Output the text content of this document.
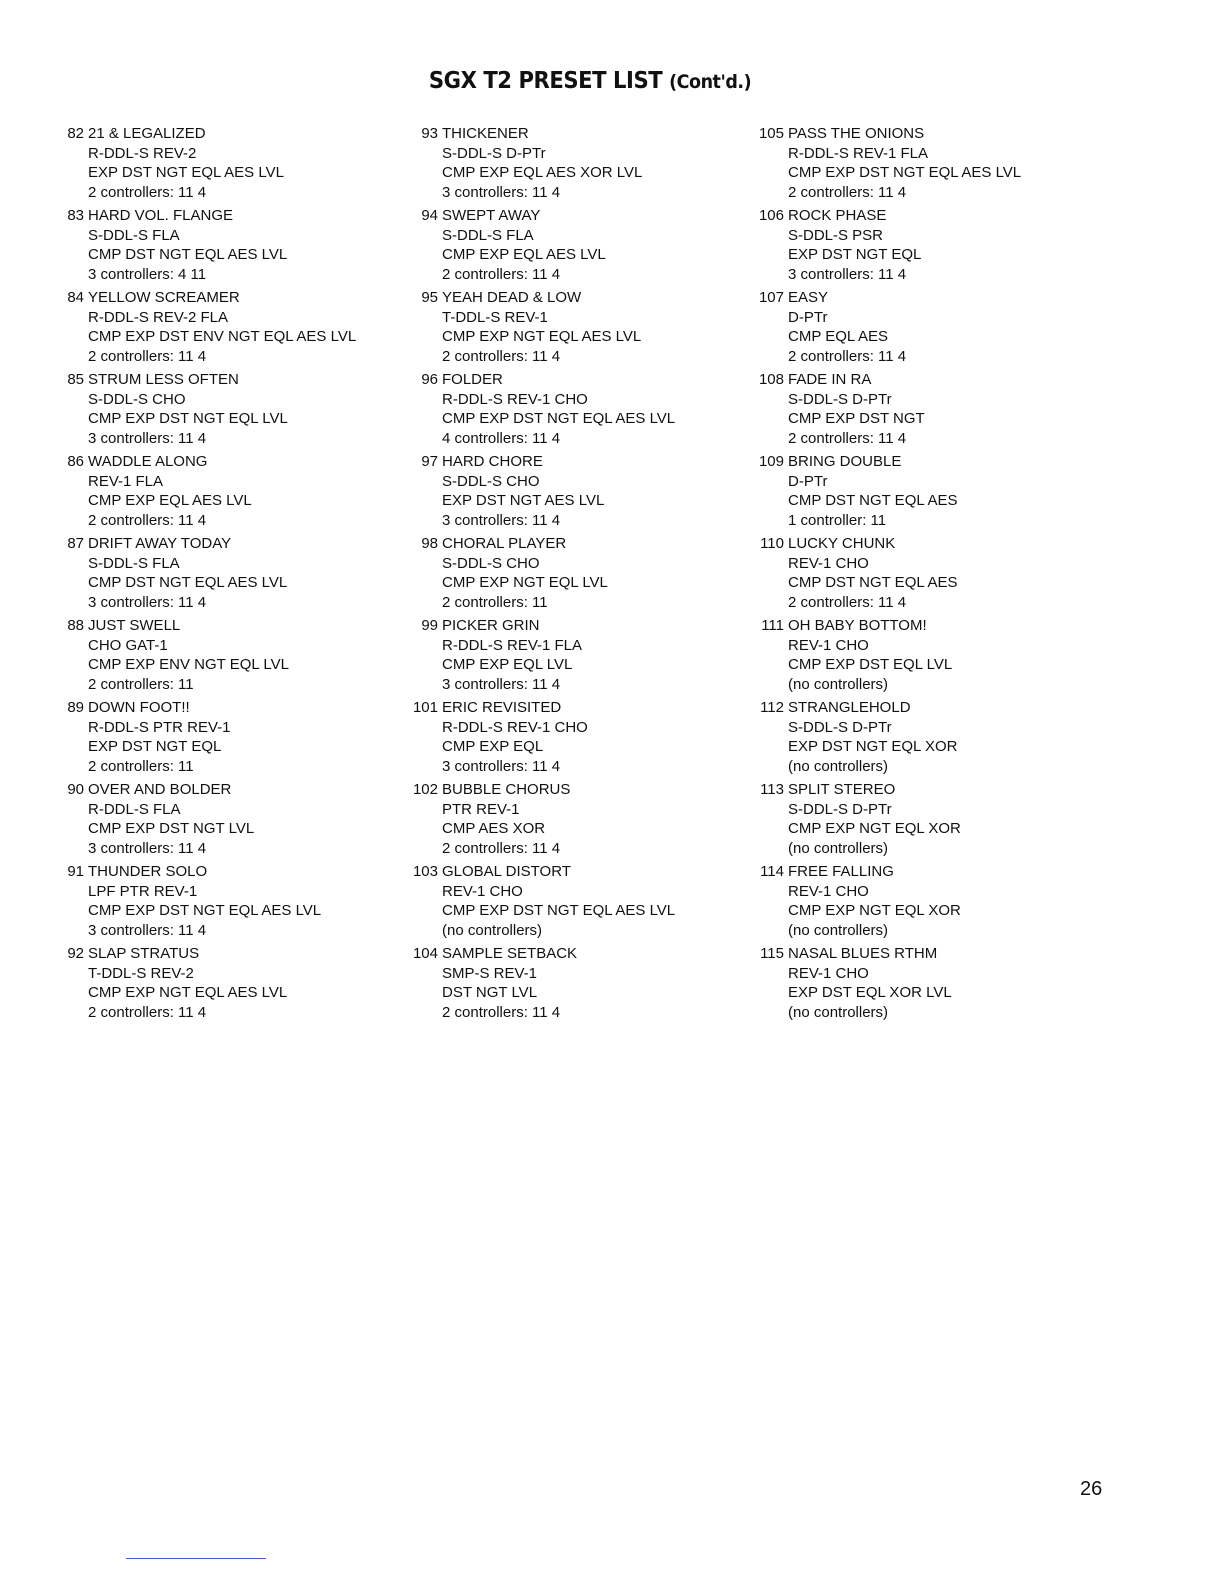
SGX T2 PRESET LIST (Cont'd.)
82 21 & LEGALIZED
R-DDL-S REV-2
EXP DST NGT EQL AES LVL
2 controllers: 11 4
83 HARD VOL. FLANGE
S-DDL-S FLA
CMP DST NGT EQL AES LVL
3 controllers: 4 11
84 YELLOW SCREAMER
R-DDL-S REV-2 FLA
CMP EXP DST ENV NGT EQL AES LVL
2 controllers: 11 4
85 STRUM LESS OFTEN
S-DDL-S CHO
CMP EXP DST NGT EQL LVL
3 controllers: 11 4
86 WADDLE ALONG
REV-1 FLA
CMP EXP EQL AES LVL
2 controllers: 11 4
87 DRIFT AWAY TODAY
S-DDL-S FLA
CMP DST NGT EQL AES LVL
3 controllers: 11 4
88 JUST SWELL
CHO GAT-1
CMP EXP ENV NGT EQL LVL
2 controllers: 11
89 DOWN FOOT!!
R-DDL-S PTR REV-1
EXP DST NGT EQL
2 controllers: 11
90 OVER AND BOLDER
R-DDL-S FLA
CMP EXP DST NGT LVL
3 controllers: 11 4
91 THUNDER SOLO
LPF PTR REV-1
CMP EXP DST NGT EQL AES LVL
3 controllers: 11 4
92 SLAP STRATUS
T-DDL-S REV-2
CMP EXP NGT EQL AES LVL
2 controllers: 11 4
93 THICKENER
S-DDL-S D-PTr
CMP EXP EQL AES XOR LVL
3 controllers: 11 4
94 SWEPT AWAY
S-DDL-S FLA
CMP EXP EQL AES LVL
2 controllers: 11 4
95 YEAH DEAD & LOW
T-DDL-S REV-1
CMP EXP NGT EQL AES LVL
2 controllers: 11 4
96 FOLDER
R-DDL-S REV-1 CHO
CMP EXP DST NGT EQL AES LVL
4 controllers: 11 4
97 HARD CHORE
S-DDL-S CHO
EXP DST NGT AES LVL
3 controllers: 11 4
98 CHORAL PLAYER
S-DDL-S CHO
CMP EXP NGT EQL LVL
2 controllers: 11
99 PICKER GRIN
R-DDL-S REV-1 FLA
CMP EXP EQL LVL
3 controllers: 11 4
101 ERIC REVISITED
R-DDL-S REV-1 CHO
CMP EXP EQL
3 controllers: 11 4
102 BUBBLE CHORUS
PTR REV-1
CMP AES XOR
2 controllers: 11 4
103 GLOBAL DISTORT
REV-1 CHO
CMP EXP DST NGT EQL AES LVL
(no controllers)
104 SAMPLE SETBACK
SMP-S REV-1
DST NGT LVL
2 controllers: 11 4
105 PASS THE ONIONS
R-DDL-S REV-1 FLA
CMP EXP DST NGT EQL AES LVL
2 controllers: 11 4
106 ROCK PHASE
S-DDL-S PSR
EXP DST NGT EQL
3 controllers: 11 4
107 EASY
D-PTr
CMP EQL AES
2 controllers: 11 4
108 FADE IN RA
S-DDL-S D-PTr
CMP EXP DST NGT
2 controllers: 11 4
109 BRING DOUBLE
D-PTr
CMP DST NGT EQL AES
1 controller: 11
110 LUCKY CHUNK
REV-1 CHO
CMP DST NGT EQL AES
2 controllers: 11 4
111 OH BABY BOTTOM!
REV-1 CHO
CMP EXP DST EQL LVL
(no controllers)
112 STRANGLEHOLD
S-DDL-S D-PTr
EXP DST NGT EQL XOR
(no controllers)
113 SPLIT STEREO
S-DDL-S D-PTr
CMP EXP NGT EQL XOR
(no controllers)
114 FREE FALLING
REV-1 CHO
CMP EXP NGT EQL XOR
(no controllers)
115 NASAL BLUES RTHM
REV-1 CHO
EXP DST EQL XOR LVL
(no controllers)
26
